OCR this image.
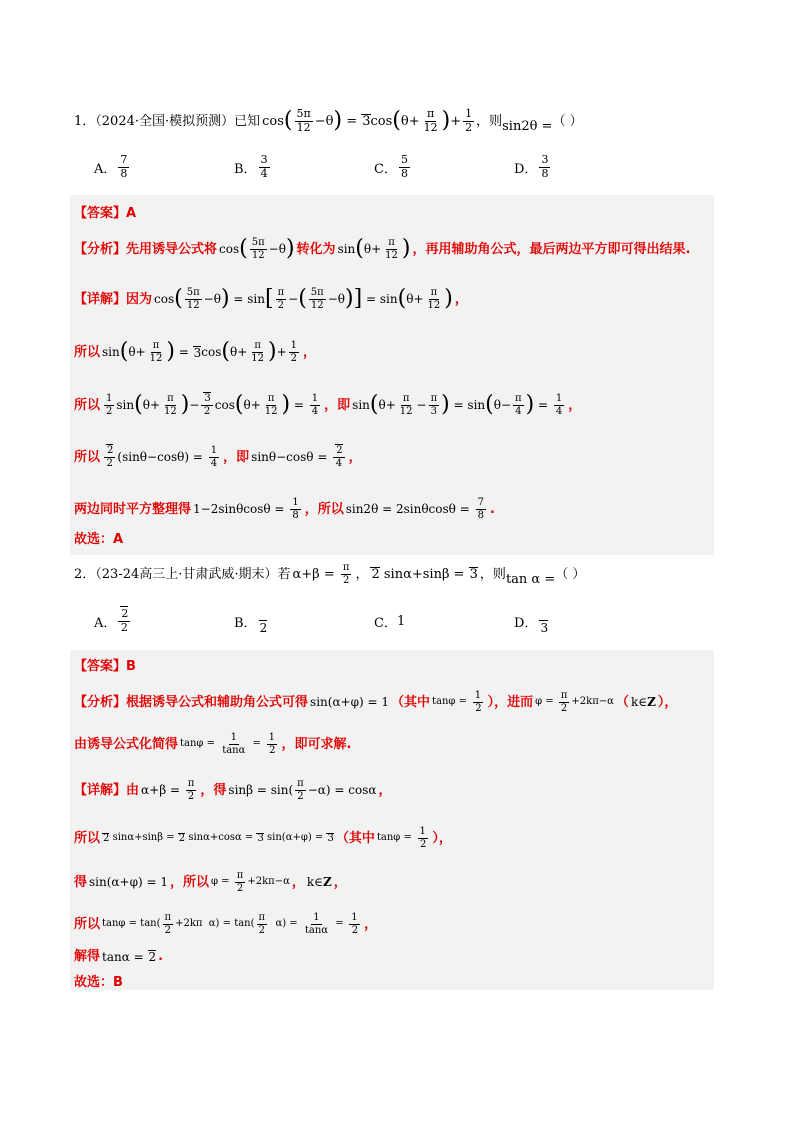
1．（2024·全国·模拟预测）已知 cos ( $\frac{5\pi}{12} -\theta$ ) = 3 cos ( $\theta+ \frac{\pi}{12}$ ) + $\frac{1}{2}$ ，则 sin2θ = （ ）
A． $\frac{7}{8}$	B． $\frac{3}{4}$	C． $\frac{5}{8}$	D． $\frac{3}{8}$
【答案】A
【分析】 先用诱导公式将 cos ( $\frac{5\pi}{12} -\theta$ ) 转化为 sin ( $\theta+ \frac{\pi}{12}$ ) ，再用辅助角公式，最后两边平方即可得出结果.
【详解】 因为 cos ( $\frac{5\pi}{12} -\theta$ ) = sin [ $\frac{\pi}{2}$ − ( $\frac{5\pi}{12} -\theta$ ) ] = sin ( $\theta+ \frac{\pi}{12}$ ) ，
所以 sin ( $\theta+ \frac{\pi}{12}$ ) = 3 cos ( $\theta+ \frac{\pi}{12}$ ) + $\frac{1}{2}$ ，
所以 $\frac{1}{2}$ sin ( $\theta+ \frac{\pi}{12}$ ) − $\frac{3}{2}$ cos ( $\theta+ \frac{\pi}{12}$ ) = $\frac{1}{4}$ ，即 sin ( $\theta+ \frac{\pi}{12} - \frac{\pi}{3}$ ) = sin ( $\theta- \frac{\pi}{4}$ ) = $\frac{1}{4}$ ，
所以 $\frac{2}{2} (\sin\theta-\cos\theta) = \frac{1}{4}$ ，即 $\sin\theta-\cos\theta = \frac{2}{4}$ ，
两边同时平方整理得 $1-2\sin\theta\cos\theta = \frac{1}{8}$ ，所以 $\sin 2\theta = 2\sin\theta\cos\theta = \frac{7}{8}$ .
故选：A
2．（23-24高三上·甘肃武威·期末）若 $\alpha+\beta = \frac{\pi}{2}$ ， 2 sinα+sinβ = 3 ，则 tan α = （ ）
A． $\frac{2}{2}$	B． 2	C． 1	D． 3
【答案】B
【分析】 根据诱导公式和辅助角公式可得 sin(α+φ) = 1 （其中 $\tan\varphi = \frac{1}{2}$ ），进而 $\varphi = \frac{\pi}{2} +2k\pi-\alpha$ （ k∈ Z ），
由诱导公式化简得 $\tan\varphi = \frac{1}{\tan\alpha} = \frac{1}{2}$ ，即可求解.
【详解】 由 $\alpha+\beta = \frac{\pi}{2}$ ，得 $\sin\beta = \sin( \frac{\pi}{2} -\alpha) = \cos\alpha$ ，
所以 2 sinα+sinβ = 2 sinα+cosα = 3 sin(α+φ) = 3 （其中 $\tan\varphi = \frac{1}{2}$ ），
得 sin(α+φ) = 1 ，所以 $\varphi = \frac{\pi}{2} +2k\pi-\alpha$ ， k∈ Z ，
所以 $\tan\varphi = \tan( \frac{\pi}{2} +2k\pi$  $\alpha) = \tan( \frac{\pi}{2} \alpha) = \frac{1}{\tan\alpha} = \frac{1}{2}$ ，
解得 tanα = 2 .
故选：B
